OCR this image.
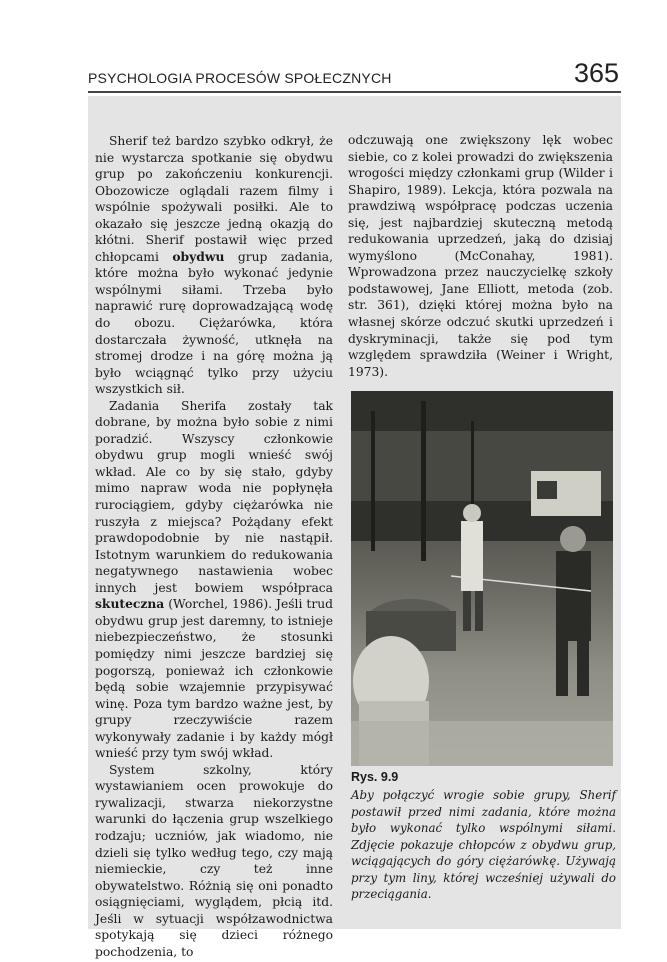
PSYCHOLOGIA PROCESÓW SPOŁECZNYCH	365

Sherif też bardzo szybko odkrył, że nie wystarcza spotkanie się obydwu grup po zakończeniu konkurencji. Obozowicze oglądali razem filmy i wspólnie spożywali posiłki. Ale to okazało się jeszcze jedną okazją do kłótni. Sherif postawił więc przed chłopcami obydwu grup zadania, które można było wykonać jedynie wspólnymi siłami. Trzeba było naprawić rurę doprowadzającą wodę do obozu. Ciężarówka, która dostarczała żywność, utknęła na stromej drodze i na górę można ją było wciągnąć tylko przy użyciu wszystkich sił.

Zadania Sherifa zostały tak dobrane, by można było sobie z nimi poradzić. Wszyscy członkowie obydwu grup mogli wnieść swój wkład. Ale co by się stało, gdyby mimo napraw woda nie popłynęła rurociągiem, gdyby ciężarówka nie ruszyła z miejsca? Pożądany efekt prawdopodobnie by nie nastąpił. Istotnym warunkiem do redukowania negatywnego nastawienia wobec innych jest bowiem współpraca skuteczna (Worchel, 1986). Jeśli trud obydwu grup jest daremny, to istnieje niebezpieczeństwo, że stosunki pomiędzy nimi jeszcze bardziej się pogorszą, ponieważ ich członkowie będą sobie wzajemnie przypisywać winę. Poza tym bardzo ważne jest, by grupy rzeczywiście razem wykonywały zadanie i by każdy mógł wnieść przy tym swój wkład.

System szkolny, który wystawianiem ocen prowokuje do rywalizacji, stwarza niekorzystne warunki do łączenia grup wszelkiego rodzaju; uczniów, jak wiadomo, nie dzieli się tylko według tego, czy mają niemieckie, czy też inne obywatelstwo. Różnią się oni ponadto osiągnięciami, wyglądem, płcią itd. Jeśli w sytuacji współzawodnictwa spotykają się dzieci różnego pochodzenia, to

odczuwają one zwiększony lęk wobec siebie, co z kolei prowadzi do zwiększenia wrogości między członkami grup (Wilder i Shapiro, 1989). Lekcja, która pozwala na prawdziwą współpracę podczas uczenia się, jest najbardziej skuteczną metodą redukowania uprzedzeń, jaką do dzisiaj wymyślono (McConahay, 1981). Wprowadzona przez nauczycielkę szkoły podstawowej, Jane Elliott, metoda (zob. str. 361), dzięki której można było na własnej skórze odczuć skutki uprzedzeń i dyskryminacji, także się pod tym względem sprawdziła (Weiner i Wright, 1973).

Rys. 9.9
Aby połączyć wrogie sobie grupy, Sherif postawił przed nimi zadania, które można było wykonać tylko wspólnymi siłami. Zdjęcie pokazuje chłopców z obydwu grup, wciągających do góry ciężarówkę. Używają przy tym liny, której wcześniej używali do przeciągania.
